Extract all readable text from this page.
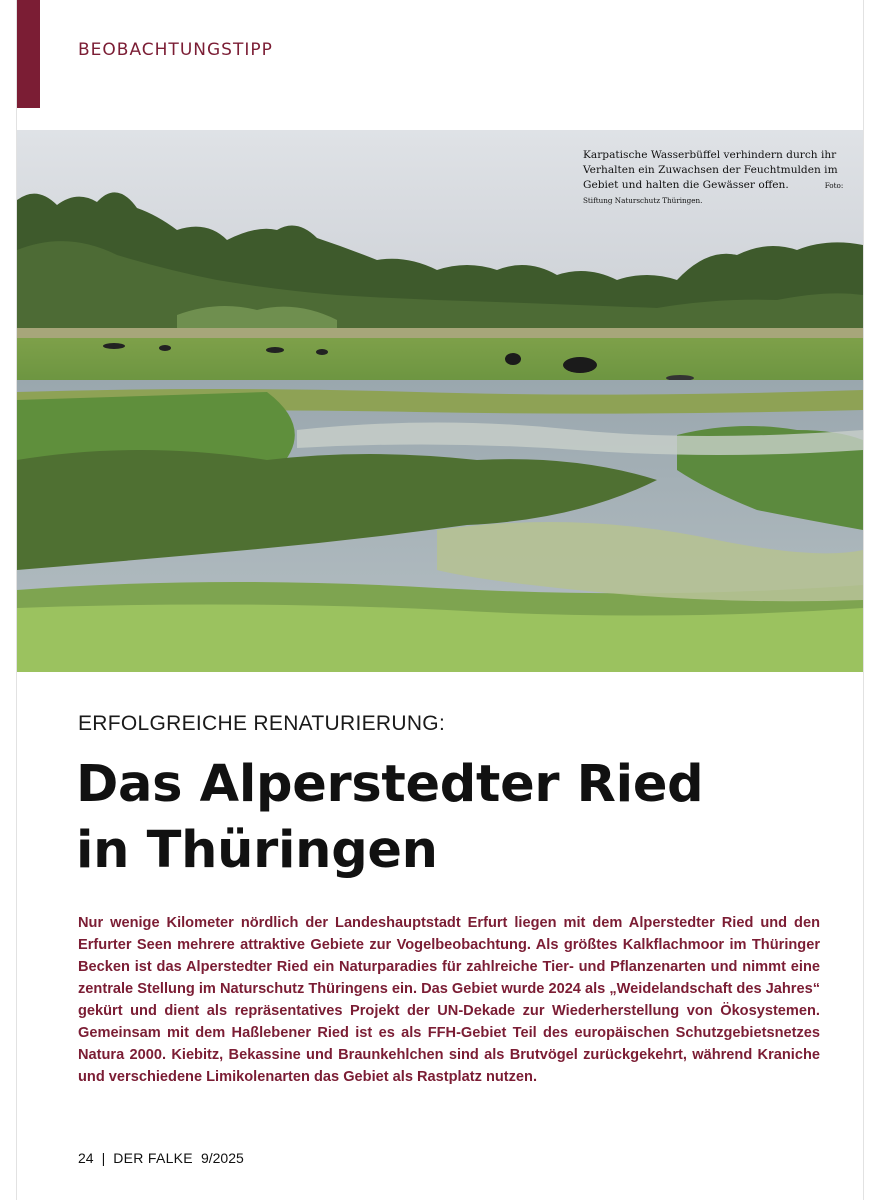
BEOBACHTUNGSTIPP
Karpatische Wasserbüffel verhindern durch ihr Verhalten ein Zuwachsen der Feuchtmulden im Gebiet und halten die Gewässer offen.	Foto: Stiftung Naturschutz Thüringen.
ERFOLGREICHE RENATURIERUNG:
Das Alperstedter Ried
in Thüringen

Nur wenige Kilometer nördlich der Landeshauptstadt Erfurt liegen mit dem Alperstedter Ried und den Erfurter Seen mehrere attraktive Gebiete zur Vogelbeobachtung. Als größtes Kalkflachmoor im Thüringer Becken ist das Alperstedter Ried ein Naturparadies für zahlreiche Tier- und Pflanzenarten und nimmt eine zentrale Stellung im Naturschutz Thüringens ein. Das Gebiet wurde 2024 als „Weidelandschaft des Jahres“ gekürt und dient als repräsentatives Projekt der UN-Dekade zur Wiederherstellung von Ökosystemen. Gemeinsam mit dem Haßlebener Ried ist es als FFH-Gebiet Teil des europäischen Schutzgebietsnetzes Natura 2000. Kiebitz, Bekassine und Braunkehlchen sind als Brutvögel zurückgekehrt, während Kraniche und verschiedene Limikolenarten das Gebiet als Rastplatz nutzen.

24 | DER FALKE 9/2025
